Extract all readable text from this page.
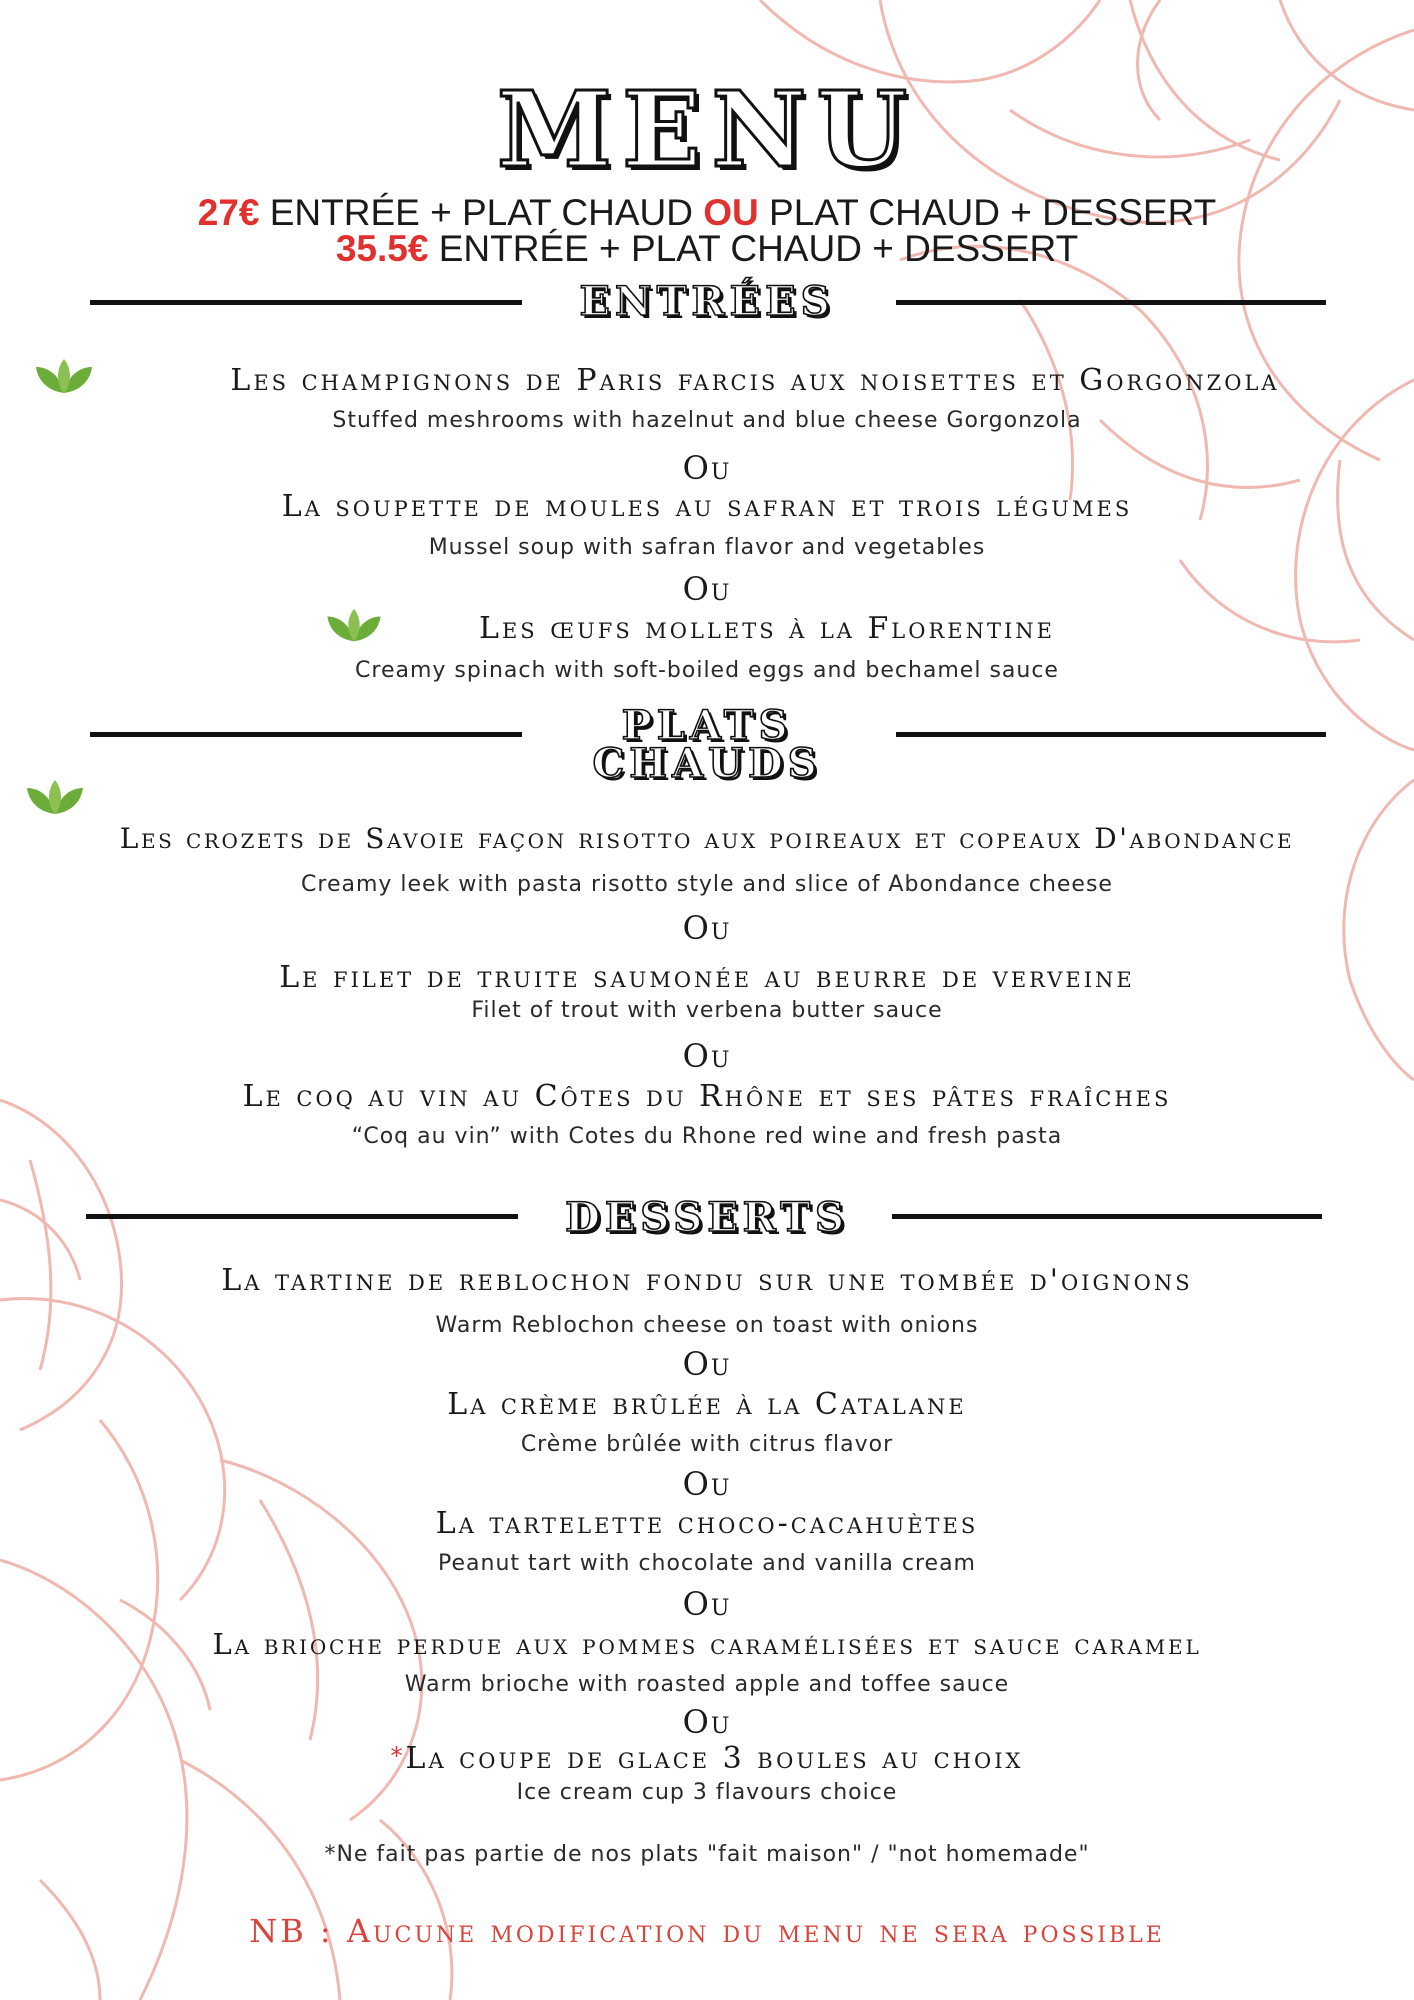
MENU
27€ ENTRÉE + PLAT CHAUD OU PLAT CHAUD + DESSERT
35.5€ ENTRÉE + PLAT CHAUD + DESSERT
ENTRÉES
Les champignons de Paris farcis aux noisettes et Gorgonzola
Stuffed meshrooms with hazelnut and blue cheese Gorgonzola
Ou
La soupette de moules au safran et trois légumes
Mussel soup with safran flavor and vegetables
Ou
Les œufs mollets à la Florentine
Creamy spinach with soft-boiled eggs and bechamel sauce
PLATS
CHAUDS
Les crozets de Savoie façon risotto aux poireaux et copeaux D'abondance
Creamy leek with pasta risotto style and slice of Abondance cheese
Ou
Le filet de truite saumonée au beurre de verveine
Filet of trout with verbena butter sauce
Ou
Le coq au vin au Côtes du Rhône et ses pâtes fraîches
“Coq au vin” with Cotes du Rhone red wine and fresh pasta
DESSERTS
La tartine de reblochon fondu sur une tombée d'oignons
Warm Reblochon cheese on toast with onions
Ou
La crème brûlée à la Catalane
Crème brûlée with citrus flavor
Ou
La tartelette choco-cacahuètes
Peanut tart with chocolate and vanilla cream
Ou
La brioche perdue aux pommes caramélisées et sauce caramel
Warm brioche with roasted apple and toffee sauce
Ou
*La coupe de glace 3 boules au choix
Ice cream cup 3 flavours choice
*Ne fait pas partie de nos plats "fait maison" / "not homemade"
NB : Aucune modification du menu ne sera possible
